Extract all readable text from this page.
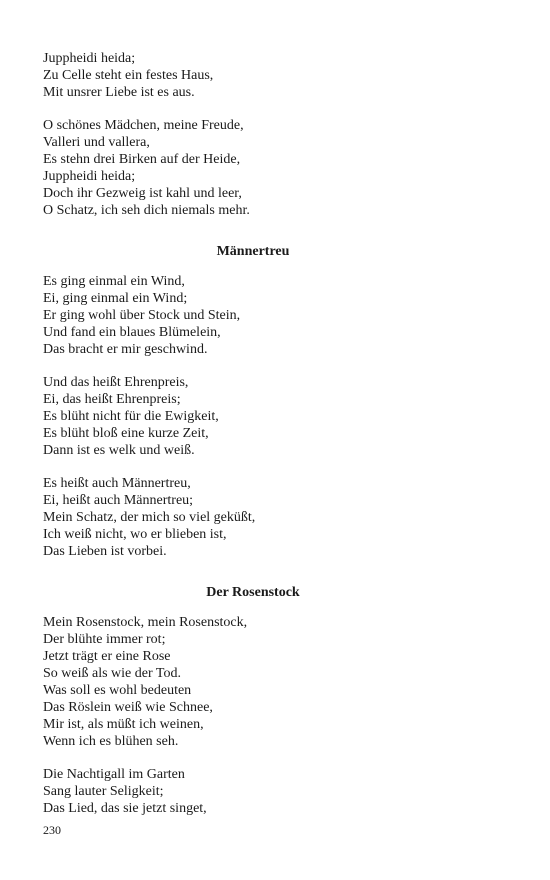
Juppheidi heida;
Zu Celle steht ein festes Haus,
Mit unsrer Liebe ist es aus.
O schönes Mädchen, meine Freude,
Valleri und vallera,
Es stehn drei Birken auf der Heide,
Juppheidi heida;
Doch ihr Gezweig ist kahl und leer,
O Schatz, ich seh dich niemals mehr.
Männertreu
Es ging einmal ein Wind,
Ei, ging einmal ein Wind;
Er ging wohl über Stock und Stein,
Und fand ein blaues Blümelein,
Das bracht er mir geschwind.
Und das heißt Ehrenpreis,
Ei, das heißt Ehrenpreis;
Es blüht nicht für die Ewigkeit,
Es blüht bloß eine kurze Zeit,
Dann ist es welk und weiß.
Es heißt auch Männertreu,
Ei, heißt auch Männertreu;
Mein Schatz, der mich so viel geküßt,
Ich weiß nicht, wo er blieben ist,
Das Lieben ist vorbei.
Der Rosenstock
Mein Rosenstock, mein Rosenstock,
Der blühte immer rot;
Jetzt trägt er eine Rose
So weiß als wie der Tod.
Was soll es wohl bedeuten
Das Röslein weiß wie Schnee,
Mir ist, als müßt ich weinen,
Wenn ich es blühen seh.
Die Nachtigall im Garten
Sang lauter Seligkeit;
Das Lied, das sie jetzt singet,
230
